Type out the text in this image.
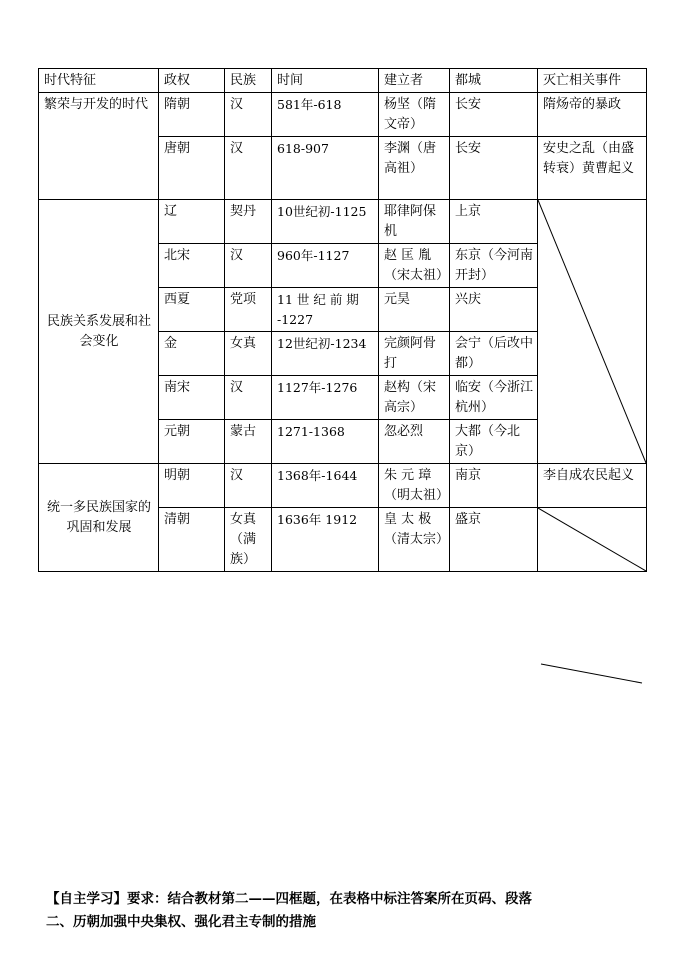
时代特征	政权	民族	时间	建立者	都城	灭亡相关事件
繁荣与开发的时代	隋朝	汉	581年-618	杨坚（隋文帝）	长安	隋炀帝的暴政
	唐朝	汉	618-907	李渊（唐高祖）	长安	安史之乱（由盛转衰）黄曹起义
民族关系发展和社会变化	辽	契丹	10世纪初-1125	耶律阿保机	上京	

	北宋	汉	960年-1127	赵 匡 胤（宋太祖）	东京（今河南开封）	
	西夏	党项	11 世 纪 前 期 -1227	元昊	兴庆	
	金	女真	12世纪初-1234	完颜阿骨打	会宁（后改中都）	
	南宋	汉	1127年-1276	赵构（宋高宗）	临安（今浙江杭州）	
	元朝	蒙古	1271-1368	忽必烈	大都（今北京）	
统一多民族国家的巩固和发展	明朝	汉	1368年-1644	朱 元 璋（明太祖）	南京	李自成农民起义
	清朝	女真（满族）	1636年 1912	皇 太 极（清太宗）	盛京	
【自主学习】要求：结合教材第二——四框题，在表格中标注答案所在页码、段落
二、历朝加强中央集权、强化君主专制的措施
